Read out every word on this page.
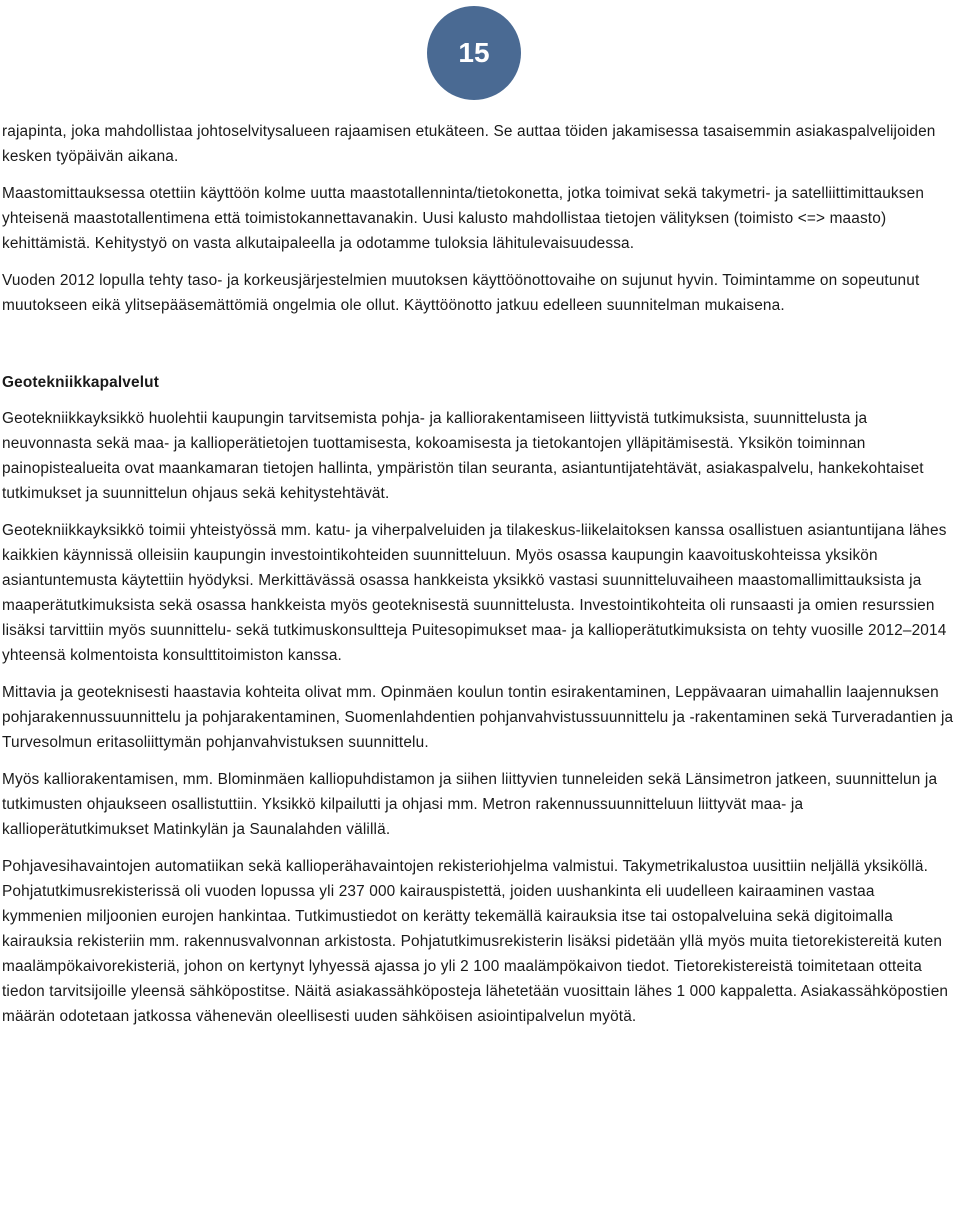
15

rajapinta, joka mahdollistaa johtoselvitysalueen rajaamisen etukäteen. Se auttaa töiden jakamisessa tasaisemmin asiakaspalvelijoiden kesken työpäivän aikana.

Maastomittauksessa otettiin käyttöön kolme uutta maastotallenninta/tietokonetta, jotka toimivat sekä takymetri- ja satelliittimittauksen yhteisenä maastotallentimena että toimistokannettavanakin. Uusi kalusto mahdollistaa tietojen välityksen (toimisto <=> maasto) kehittämistä. Kehitystyö on vasta alkutaipaleella ja odotamme tuloksia lähitulevaisuudessa.

Vuoden 2012 lopulla tehty taso- ja korkeusjärjestelmien muutoksen käyttöönottovaihe on sujunut hyvin. Toimintamme on sopeutunut muutokseen eikä ylitsepääsemättömiä ongelmia ole ollut. Käyttöönotto jatkuu edelleen suunnitelman mukaisena.

Geotekniikkapalvelut

Geotekniikkayksikkö huolehtii kaupungin tarvitsemista pohja- ja kalliorakentamiseen liittyvistä tutkimuksista, suunnittelusta ja neuvonnasta sekä maa- ja kallioperätietojen tuottamisesta, kokoamisesta ja tietokantojen ylläpitämisestä. Yksikön toiminnan painopistealueita ovat maankamaran tietojen hallinta, ympäristön tilan seuranta, asiantuntijatehtävät, asiakaspalvelu, hankekohtaiset tutkimukset ja suunnittelun ohjaus sekä kehitystehtävät.

Geotekniikkayksikkö toimii yhteistyössä mm. katu- ja viherpalveluiden ja tilakeskus-liikelaitoksen kanssa osallistuen asiantuntijana lähes kaikkien käynnissä olleisiin kaupungin investointikohteiden suunnitteluun. Myös osassa kaupungin kaavoituskohteissa yksikön asiantuntemusta käytettiin hyödyksi. Merkittävässä osassa hankkeista yksikkö vastasi suunnitteluvaiheen maastomallimittauksista ja maaperätutkimuksista sekä osassa hankkeista myös geoteknisestä suunnittelusta. Investointikohteita oli runsaasti ja omien resurssien lisäksi tarvittiin myös suunnittelu- sekä tutkimuskonsultteja Puitesopimukset maa- ja kallioperätutkimuksista on tehty vuosille 2012–2014 yhteensä kolmentoista konsulttitoimiston kanssa.

Mittavia ja geoteknisesti haastavia kohteita olivat mm. Opinmäen koulun tontin esirakentaminen, Leppävaaran uimahallin laajennuksen pohjarakennussuunnittelu ja pohjarakentaminen, Suomenlahdentien pohjanvahvistussuunnittelu ja -rakentaminen sekä Turveradantien ja Turvesolmun eritasoliittymän pohjanvahvistuksen suunnittelu.

Myös kalliorakentamisen, mm. Blominmäen kalliopuhdistamon ja siihen liittyvien tunneleiden sekä Länsimetron jatkeen, suunnittelun ja tutkimusten ohjaukseen osallistuttiin. Yksikkö kilpailutti ja ohjasi mm. Metron rakennussuunnitteluun liittyvät maa- ja kallioperätutkimukset Matinkylän ja Saunalahden välillä.

Pohjavesihavaintojen automatiikan sekä kallioperähavaintojen rekisteriohjelma valmistui. Takymetrikalustoa uusittiin neljällä yksiköllä. Pohjatutkimusrekisterissä oli vuoden lopussa yli 237 000 kairauspistettä, joiden uushankinta eli uudelleen kairaaminen vastaa kymmenien miljoonien eurojen hankintaa. Tutkimustiedot on kerätty tekemällä kairauksia itse tai ostopalveluina sekä digitoimalla kairauksia rekisteriin mm. rakennusvalvonnan arkistosta. Pohjatutkimusrekisterin lisäksi pidetään yllä myös muita tietorekistereitä kuten maalämpökaivorekisteriä, johon on kertynyt lyhyessä ajassa jo yli 2 100 maalämpökaivon tiedot. Tietorekistereistä toimitetaan otteita tiedon tarvitsijoille yleensä sähköpostitse. Näitä asiakassähköposteja lähetetään vuosittain lähes 1 000 kappaletta. Asiakassähköpostien määrän odotetaan jatkossa vähenevän oleellisesti uuden sähköisen asiointipalvelun myötä.
